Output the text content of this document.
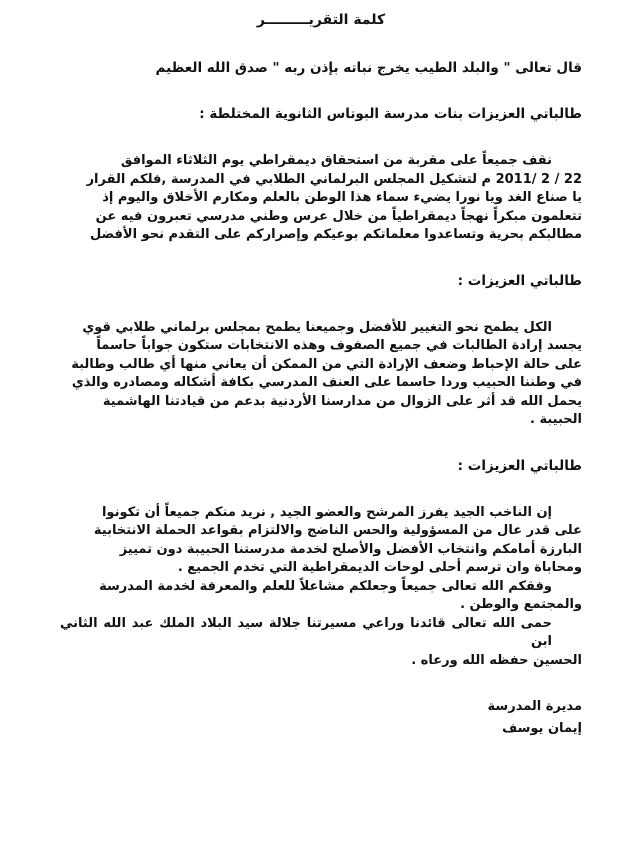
كلمة التقريـــــــــر
قال تعالى " والبلد الطيب يخرج نباته بإذن ربه " صدق الله العظيم
طالباتي العزيزات بنات مدرسة البوتاس الثانوية المختلطة :
نقف جميعاً على مقربة من استحقاق ديمقراطي يوم الثلاثاء الموافق
22 / 2 /2011 م لتشكيل المجلس البرلماني الطلابي في المدرسة ,فلكم القرار
يا صناع الغد ويا نورا يضيء سماء هذا الوطن بالعلم ومكارم الأخلاق واليوم إذ
تتعلمون مبكراً نهجاً ديمقراطياً من خلال عرس وطني مدرسي تعبرون فيه عن
مطالبكم بحرية وتساعدوا معلماتكم بوعيكم وإصراركم على التقدم نحو الأفضل
طالباتي العزيزات :
الكل يطمح نحو التغيير للأفضل وجميعنا يطمح بمجلس برلماني طلابي قوي
يجسد إرادة الطالبات في جميع الصفوف وهذه الانتخابات ستكون جواباً حاسماً
على حالة الإحباط وضعف الإرادة التي من الممكن أن يعاني منها أي طالب وطالبة
في وطننا الحبيب وردا حاسما على العنف المدرسي بكافة أشكاله ومصادره والذي
يحمل الله قد أثر على الزوال من مدارسنا الأردنية بدعم من قيادتنا الهاشمية
الحبيبة .
طالباتي العزيزات :
إن الناخب الجيد يفرز المرشح والعضو الجيد , نريد منكم جميعاً أن تكونوا
على قدر عال من المسؤولية والحس الناضج والالتزام بقواعد الحملة الانتخابية
البارزة أمامكم وانتخاب الأفضل والأصلح لخدمة مدرستنا الحبيبة دون تمييز
ومحاباة وان ترسم أحلى لوحات الديمقراطية التي تخدم الجميع .
وفقكم الله تعالى جميعاً وجعلكم مشاعلاً للعلم والمعرفة لخدمة المدرسة
والمجتمع والوطن .
حمى الله تعالى قائدنا وراعي مسيرتنا جلالة سيد البلاد الملك عبد الله الثاني ابن
الحسين حفظه الله ورعاه .
مديرة المدرسة
إيمان يوسف
